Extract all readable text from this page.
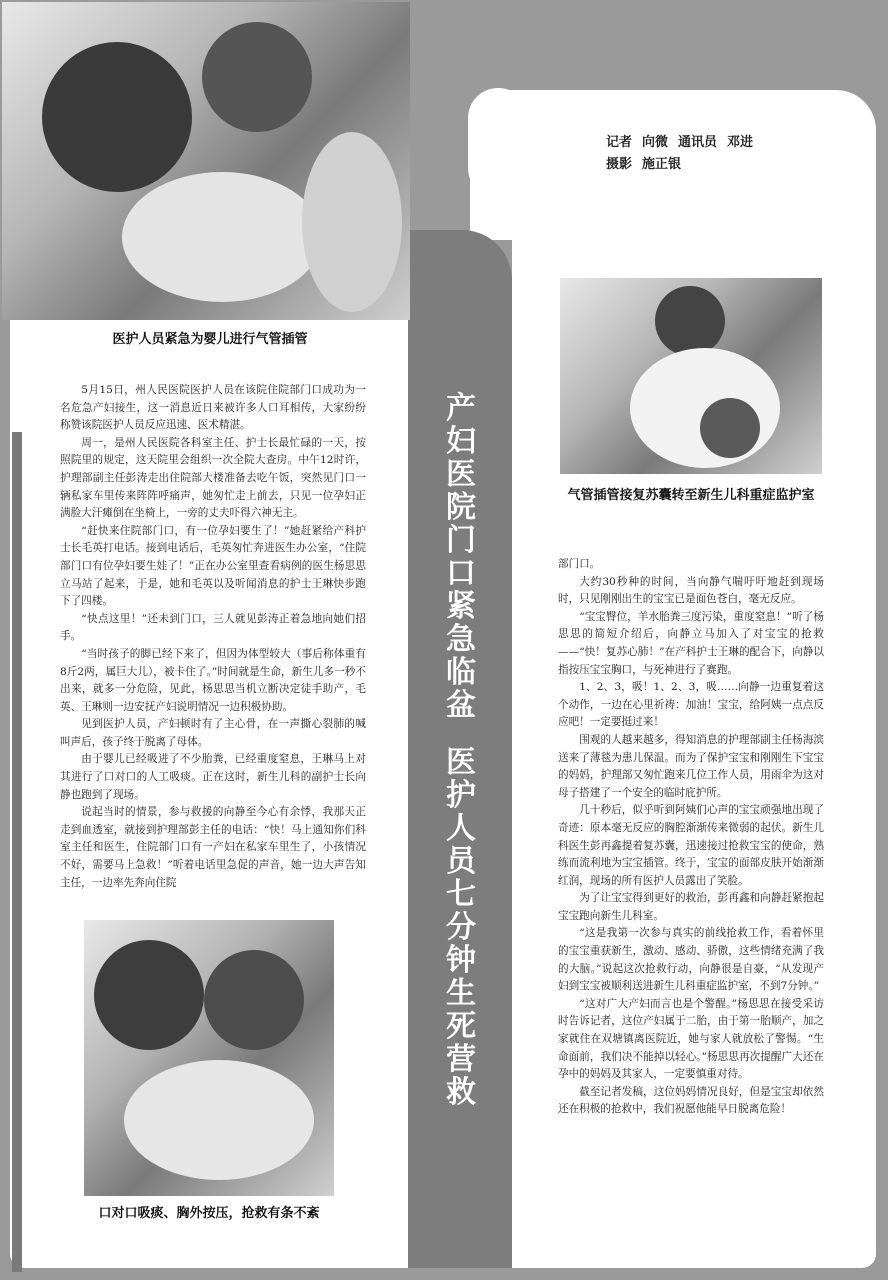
医护人员紧急为婴儿进行气管插管
记者 向微 通讯员 邓进
摄影 施正银
气管插管接复苏囊转至新生儿科重症监护室
口对口吸痰、胸外按压，抢救有条不紊
产妇医院门口紧急临盆
医护人员七分钟生死营救

5月15日，州人民医院医护人员在该院住院部门口成功为一名危急产妇接生，这一消息近日来被许多人口耳相传，大家纷纷称赞该院医护人员反应迅速、医术精湛。

周一，是州人民医院各科室主任、护士长最忙碌的一天，按照院里的规定，这天院里会组织一次全院大查房。中午12时许，护理部副主任彭涛走出住院部大楼准备去吃午饭，突然见门口一辆私家车里传来阵阵呼痛声，她匆忙走上前去，只见一位孕妇正满脸大汗瘫倒在坐椅上，一旁的丈夫吓得六神无主。

“赶快来住院部门口，有一位孕妇要生了！”她赶紧给产科护士长毛英打电话。接到电话后，毛英匆忙奔进医生办公室，“住院部门口有位孕妇要生娃了！”正在办公室里查看病例的医生杨思思立马站了起来，于是，她和毛英以及听闻消息的护士王琳快步跑下了四楼。

“快点这里！”还未到门口，三人就见彭涛正着急地向她们招手。

“当时孩子的脚已经下来了，但因为体型较大（事后称体重有8斤2两，属巨大儿），被卡住了。”时间就是生命，新生儿多一秒不出来，就多一分危险，见此，杨思思当机立断决定徒手助产，毛英、王琳则一边安抚产妇说明情况一边积极协助。

见到医护人员，产妇顿时有了主心骨，在一声撕心裂肺的喊叫声后，孩子终于脱离了母体。

由于婴儿已经吸进了不少胎粪，已经重度窒息，王琳马上对其进行了口对口的人工吸痰。正在这时，新生儿科的副护士长向静也跑到了现场。

说起当时的情景，参与救援的向静至今心有余悸，我那天正走到血透室，就接到护理部彭主任的电话：“快！马上通知你们科室主任和医生，住院部门口有一产妇在私家车里生了，小孩情况不好，需要马上急救！”听着电话里急促的声音，她一边大声告知主任，一边率先奔向住院

部门口。

大约30秒种的时间，当向静气喘吁吁地赶到现场时，只见刚刚出生的宝宝已是面色苍白，毫无反应。

“宝宝臀位，羊水胎粪三度污染，重度窒息！”听了杨思思的简短介绍后，向静立马加入了对宝宝的抢救——“快！复苏心肺！”在产科护士王琳的配合下，向静以指按压宝宝胸口，与死神进行了赛跑。

1、2、3，吸！1、2、3，吸……向静一边重复着这个动作，一边在心里祈祷：加油！宝宝，给阿姨一点点反应吧！一定要挺过来！

围观的人越来越多，得知消息的护理部副主任杨海滨送来了薄毯为患儿保温。而为了保护宝宝和刚刚生下宝宝的妈妈，护理部又匆忙跑来几位工作人员，用雨伞为这对母子搭建了一个安全的临时庇护所。

几十秒后，似乎听到阿姨们心声的宝宝顽强地出现了奇迹：原本毫无反应的胸腔渐渐传来微弱的起伏。新生儿科医生彭再鑫提着复苏囊，迅速接过抢救宝宝的使命，熟练而流利地为宝宝插管。终于，宝宝的面部皮肤开始渐渐红润，现场的所有医护人员露出了笑脸。

为了让宝宝得到更好的救治，彭再鑫和向静赶紧抱起宝宝跑向新生儿科室。

“这是我第一次参与真实的前线抢救工作，看着怀里的宝宝重获新生，激动、感动、骄傲，这些情绪充满了我的大脑。”说起这次抢救行动，向静很是自豪，“从发现产妇到宝宝被顺利送进新生儿科重症监护室，不到7分钟。”

“这对广大产妇而言也是个警醒。”杨思思在接受采访时告诉记者，这位产妇属于二胎，由于第一胎顺产，加之家就住在双塘镇离医院近，她与家人就放松了警惕。“生命面前，我们决不能掉以轻心。”杨思思再次提醒广大还在孕中的妈妈及其家人，一定要慎重对待。

截至记者发稿，这位妈妈情况良好，但是宝宝却依然还在积极的抢救中，我们祝愿他能早日脱离危险！
